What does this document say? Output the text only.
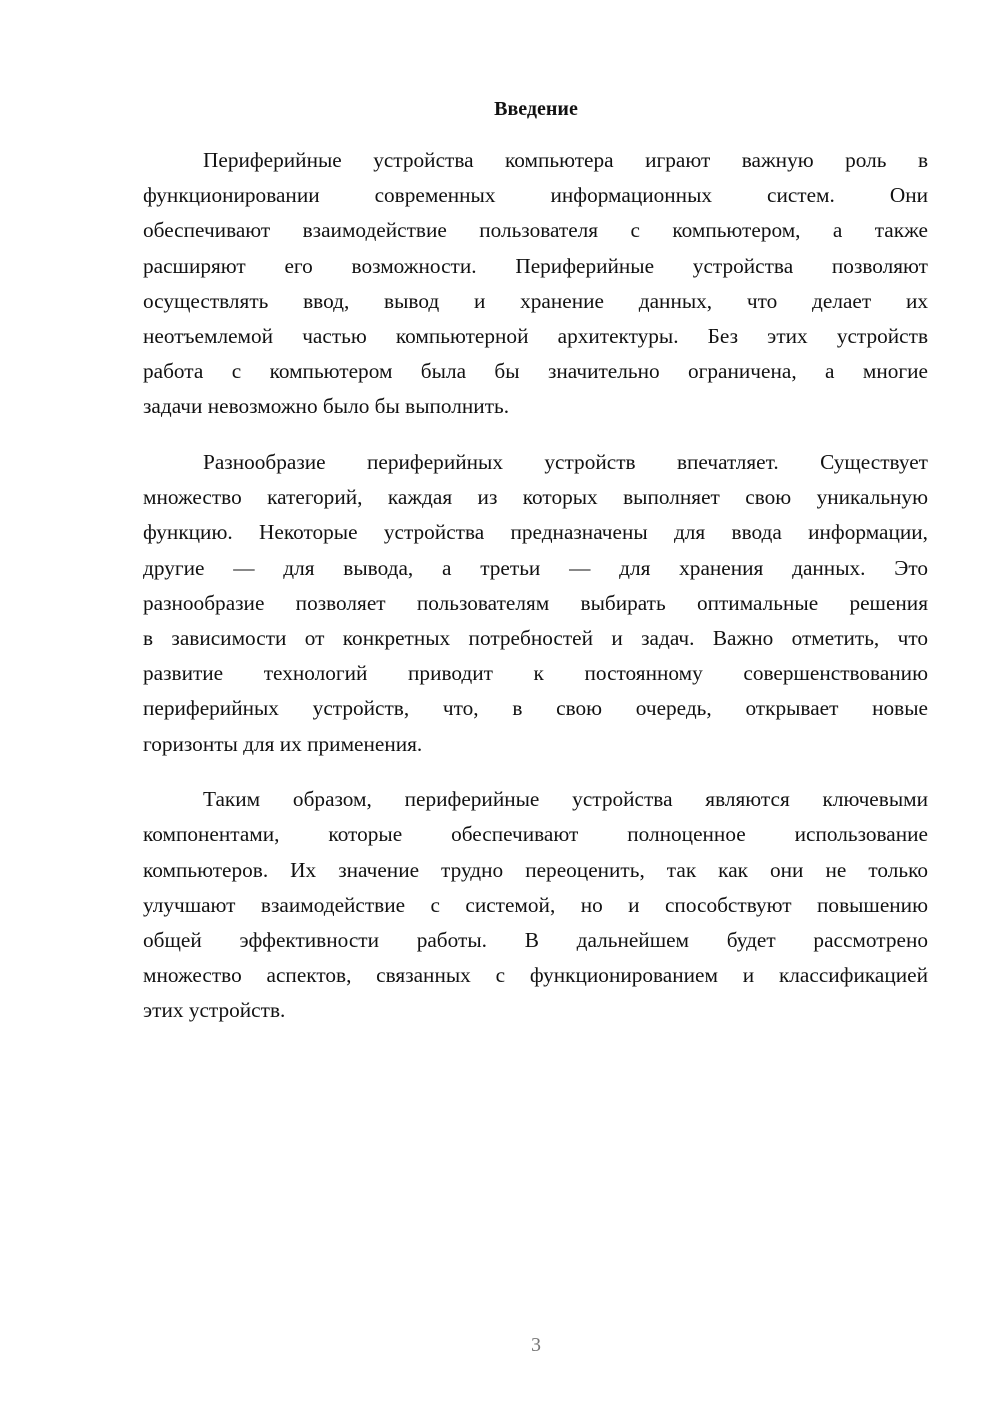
Введение
Периферийные устройства компьютера играют важную роль в
функционировании современных информационных систем. Они
обеспечивают взаимодействие пользователя с компьютером, а также
расширяют его возможности. Периферийные устройства позволяют
осуществлять ввод, вывод и хранение данных, что делает их
неотъемлемой частью компьютерной архитектуры. Без этих устройств
работа с компьютером была бы значительно ограничена, а многие
задачи невозможно было бы выполнить.
Разнообразие периферийных устройств впечатляет. Существует
множество категорий, каждая из которых выполняет свою уникальную
функцию. Некоторые устройства предназначены для ввода информации,
другие — для вывода, а третьи — для хранения данных. Это
разнообразие позволяет пользователям выбирать оптимальные решения
в зависимости от конкретных потребностей и задач. Важно отметить, что
развитие технологий приводит к постоянному совершенствованию
периферийных устройств, что, в свою очередь, открывает новые
горизонты для их применения.
Таким образом, периферийные устройства являются ключевыми
компонентами, которые обеспечивают полноценное использование
компьютеров. Их значение трудно переоценить, так как они не только
улучшают взаимодействие с системой, но и способствуют повышению
общей эффективности работы. В дальнейшем будет рассмотрено
множество аспектов, связанных с функционированием и классификацией
этих устройств.
3
